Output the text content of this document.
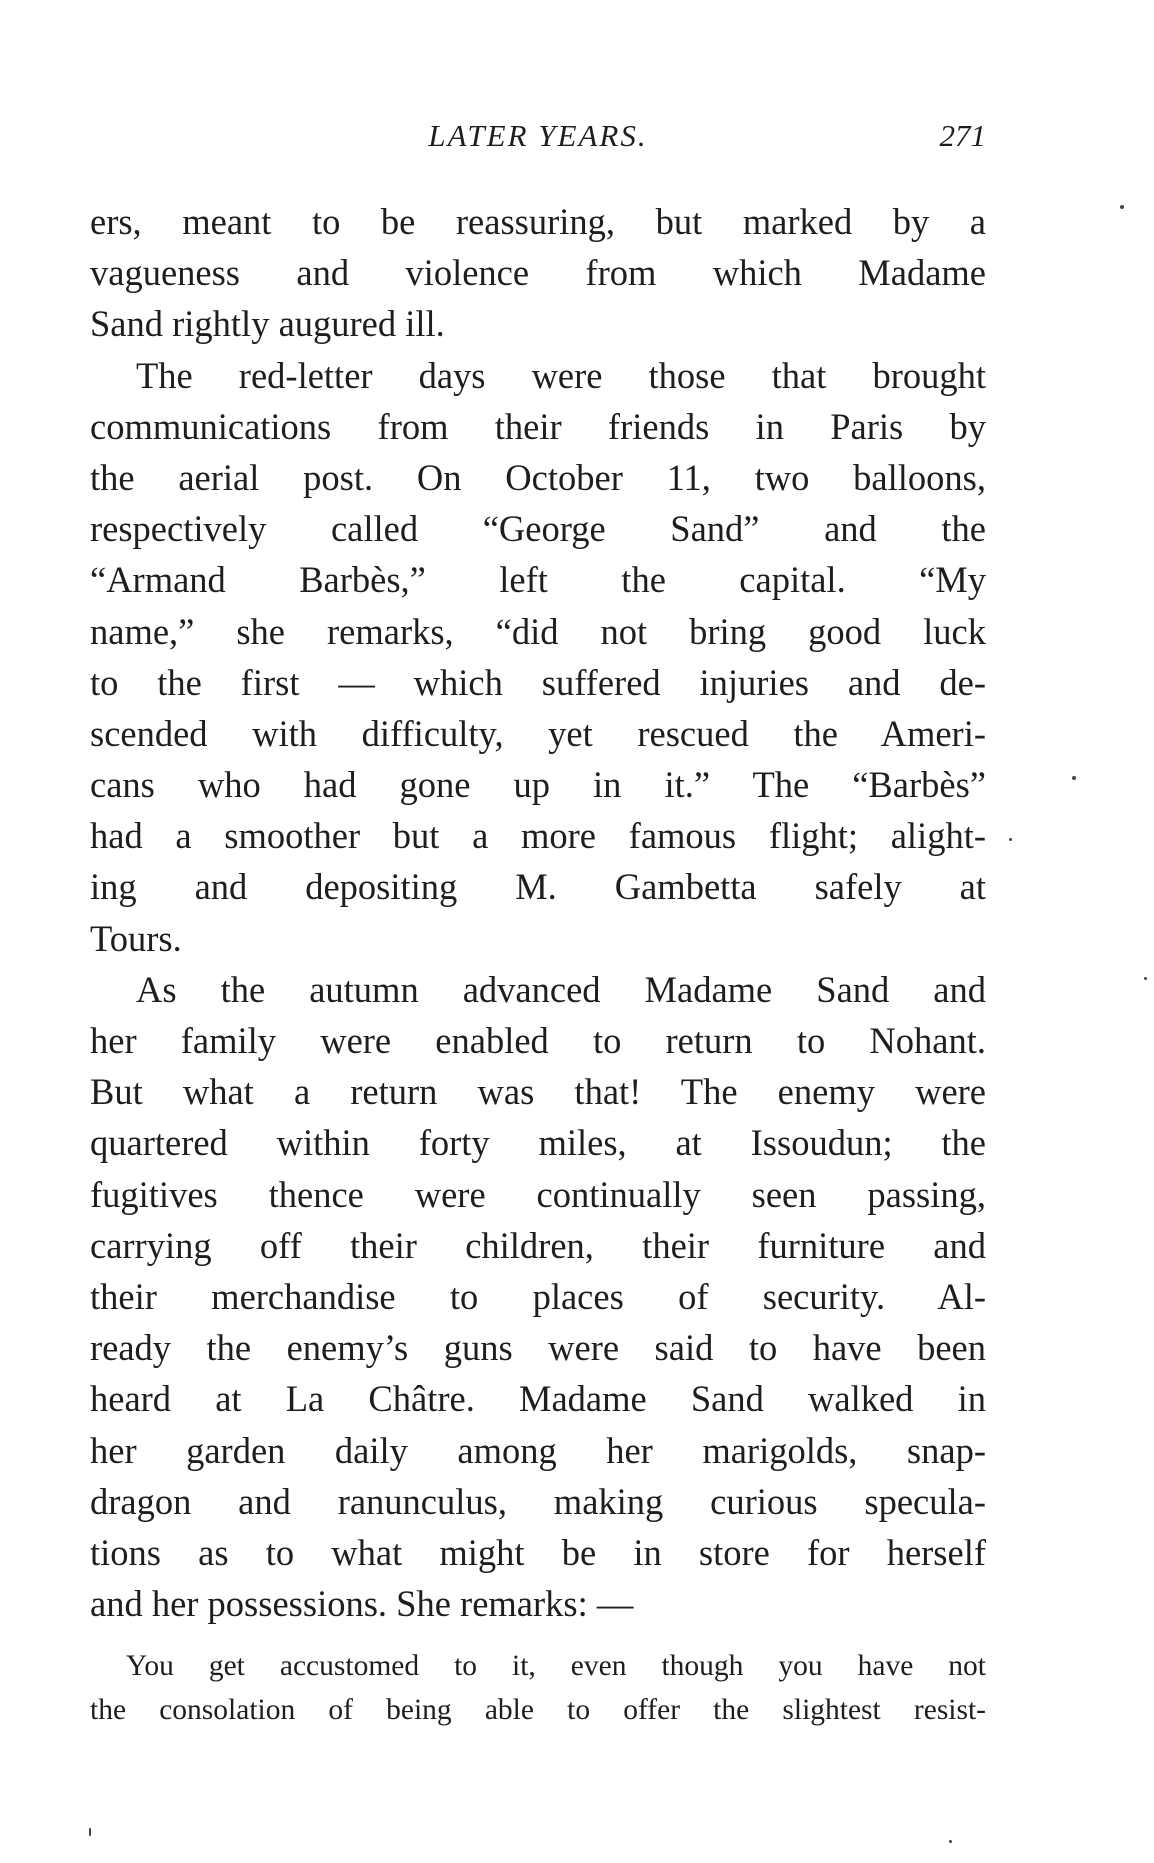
LATER YEARS.	271
ers, meant to be reassuring, but marked by a
vagueness and violence from which Madame
Sand rightly augured ill.
The red-letter days were those that brought
communications from their friends in Paris by
the aerial post. On October 11, two balloons,
respectively called “George Sand” and the
“Armand Barbès,” left the capital. “My
name,” she remarks, “did not bring good luck
to the first — which suffered injuries and de-
scended with difficulty, yet rescued the Ameri-
cans who had gone up in it.” The “Barbès”
had a smoother but a more famous flight; alight-
ing and depositing M. Gambetta safely at
Tours.
As the autumn advanced Madame Sand and
her family were enabled to return to Nohant.
But what a return was that! The enemy were
quartered within forty miles, at Issoudun; the
fugitives thence were continually seen passing,
carrying off their children, their furniture and
their merchandise to places of security. Al-
ready the enemy’s guns were said to have been
heard at La Châtre. Madame Sand walked in
her garden daily among her marigolds, snap-
dragon and ranunculus, making curious specula-
tions as to what might be in store for herself
and her possessions. She remarks: —
You get accustomed to it, even though you have not
the consolation of being able to offer the slightest resist-
